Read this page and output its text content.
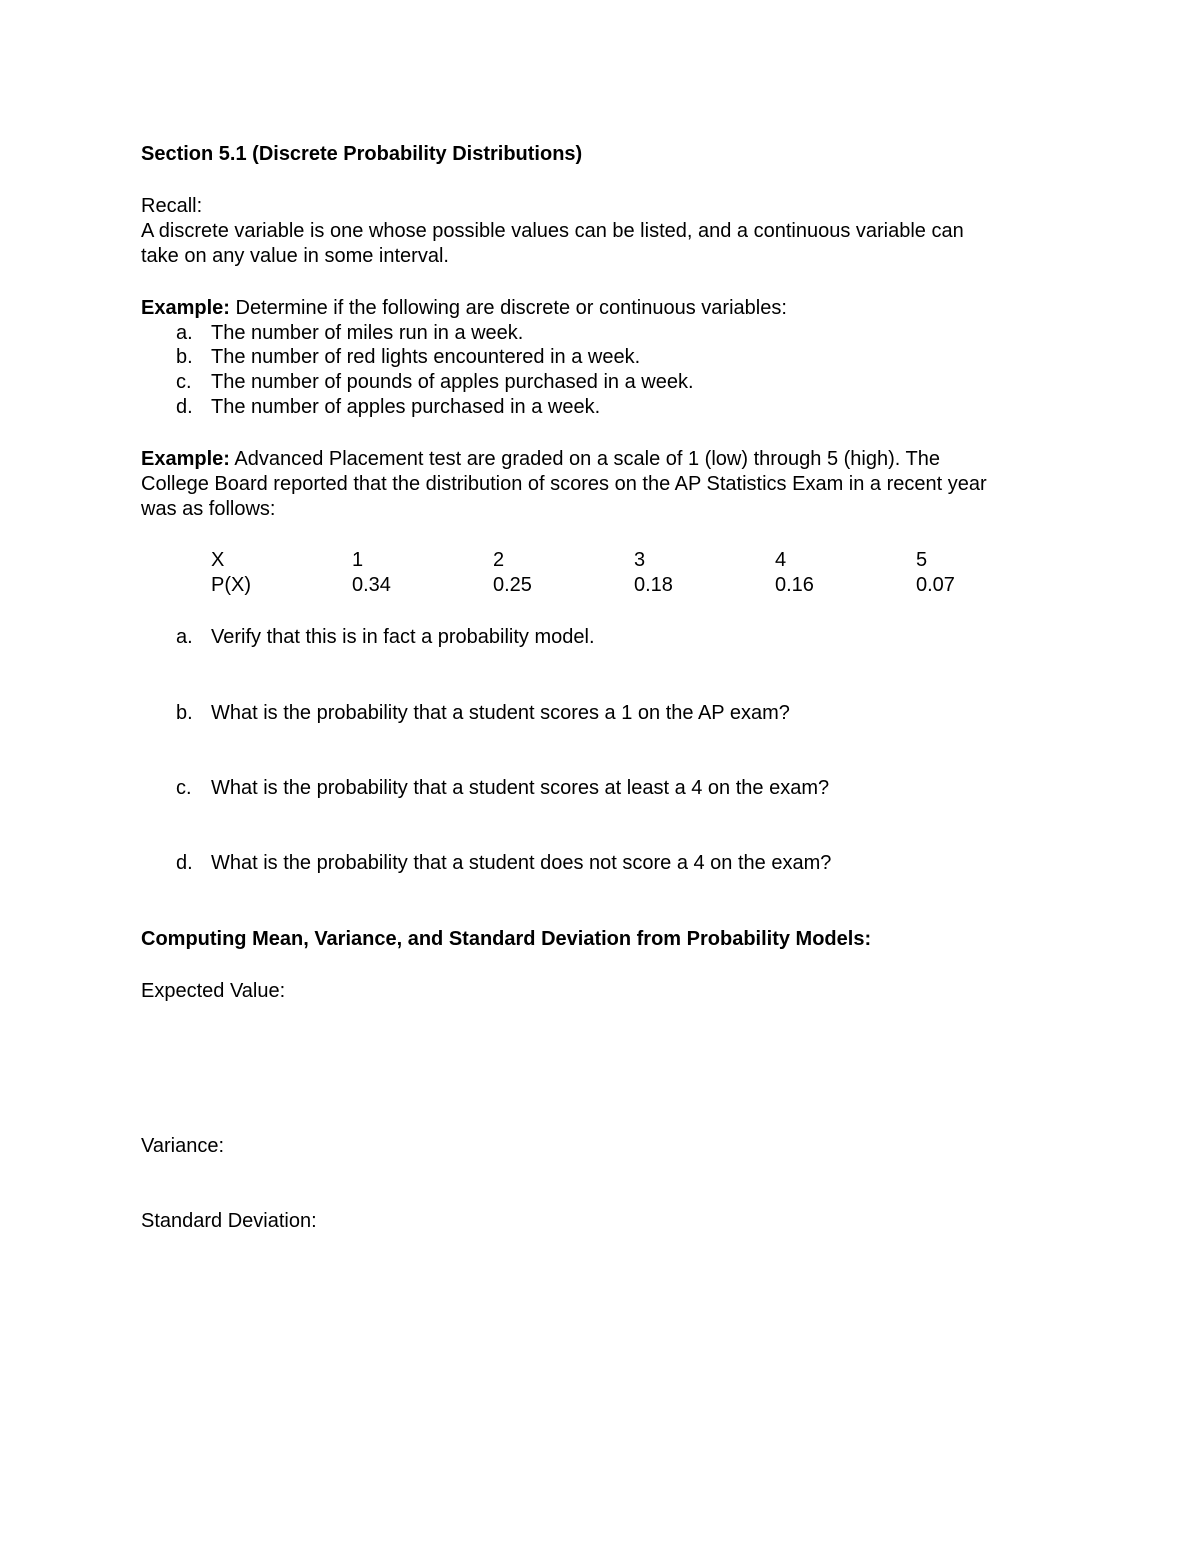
Section 5.1 (Discrete Probability Distributions)
Recall:
A discrete variable is one whose possible values can be listed, and a continuous variable can
take on any value in some interval.
Example: Determine if the following are discrete or continuous variables:
a. The number of miles run in a week.
b. The number of red lights encountered in a week.
c. The number of pounds of apples purchased in a week.
d. The number of apples purchased in a week.
Example: Advanced Placement test are graded on a scale of 1 (low) through 5 (high). The
College Board reported that the distribution of scores on the AP Statistics Exam in a recent year
was as follows:
X	1	2	3	4	5
P(X)	0.34	0.25	0.18	0.16	0.07
a. Verify that this is in fact a probability model.
b. What is the probability that a student scores a 1 on the AP exam?
c. What is the probability that a student scores at least a 4 on the exam?
d. What is the probability that a student does not score a 4 on the exam?
Computing Mean, Variance, and Standard Deviation from Probability Models:
Expected Value:
Variance:
Standard Deviation:
